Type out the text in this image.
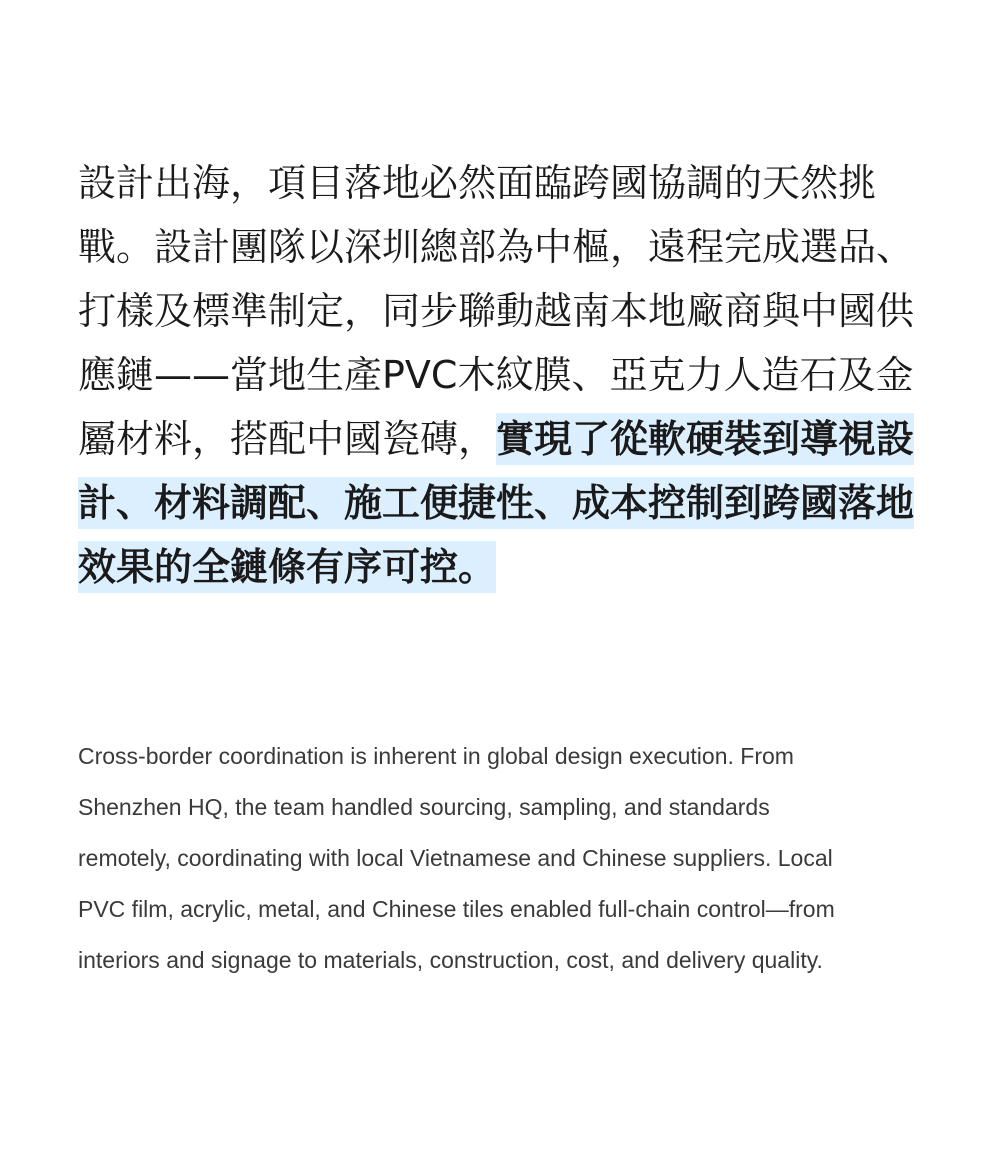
設計出海，項目落地必然面臨跨國協調的天然挑
戰。設計團隊以深圳總部為中樞，遠程完成選品、
打樣及標準制定，同步聯動越南本地廠商與中國供
應鏈——當地生產PVC木紋膜、亞克力人造石及金
屬材料，搭配中國瓷磚，實現了從軟硬裝到導視設
計、材料調配、施工便捷性、成本控制到跨國落地
效果的全鏈條有序可控。

Cross-border coordination is inherent in global design execution. From
Shenzhen HQ, the team handled sourcing, sampling, and standards
remotely, coordinating with local Vietnamese and Chinese suppliers. Local
PVC film, acrylic, metal, and Chinese tiles enabled full-chain control—from
interiors and signage to materials, construction, cost, and delivery quality.
